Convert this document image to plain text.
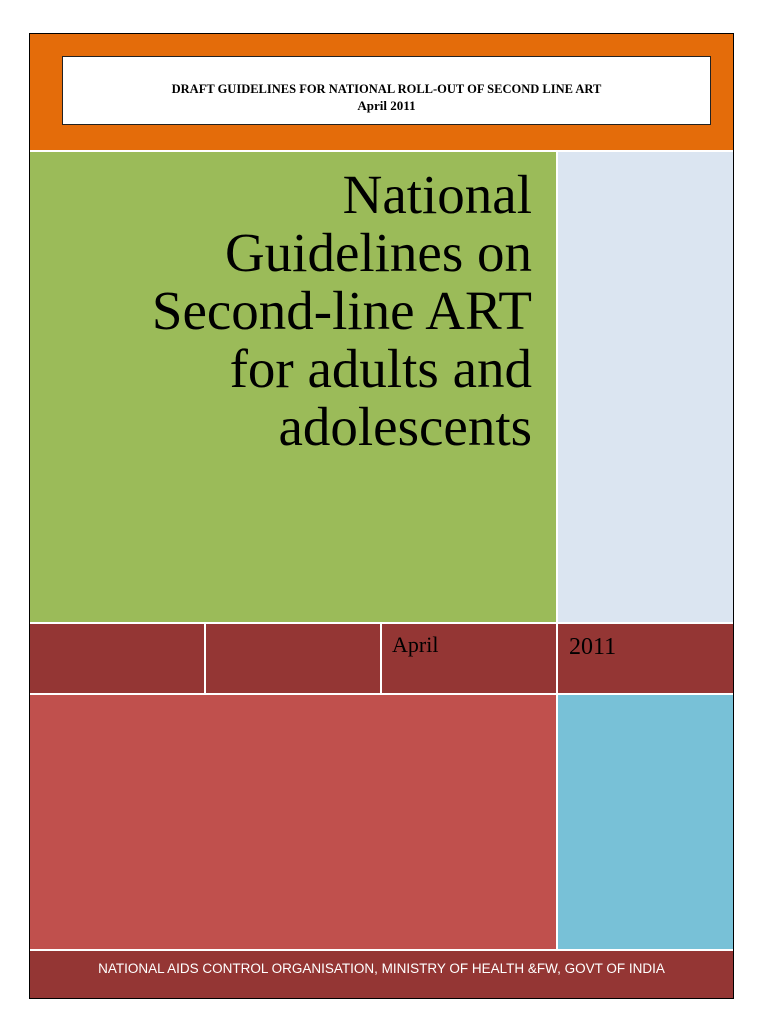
DRAFT GUIDELINES FOR NATIONAL ROLL-OUT OF SECOND LINE ART
April 2011
National
Guidelines on
Second-line ART
for adults and
adolescents

April	2011

NATIONAL AIDS CONTROL ORGANISATION, MINISTRY OF HEALTH &FW, GOVT OF INDIA
